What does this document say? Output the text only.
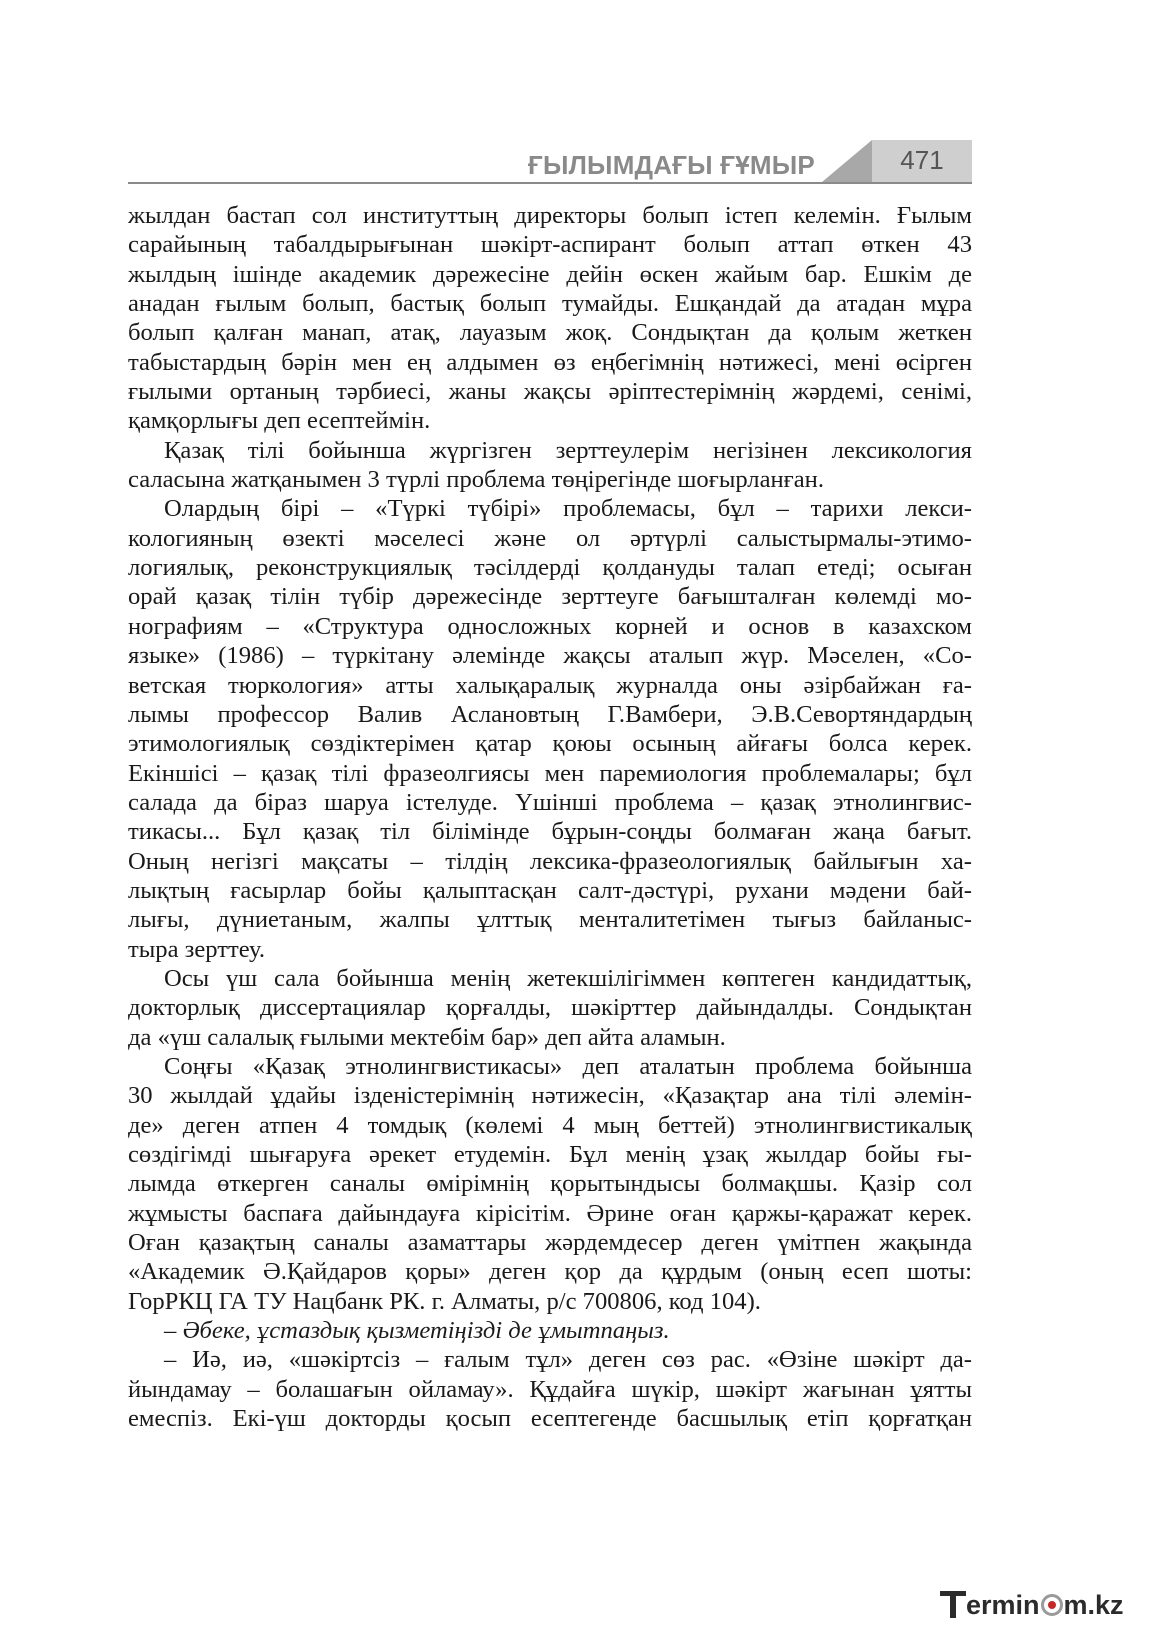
ҒЫЛЫМДАҒЫ ҒҰМЫР	471
жылдан бастап сол институттың директоры болып істеп келемін. Ғылым
сарайының табалдырығынан шәкірт-аспирант болып аттап өткен 43
жылдың ішінде академик дәрежесіне дейін өскен жайым бар. Ешкім де
анадан ғылым болып, бастық болып тумайды. Ешқандай да атадан мұра
болып қалған манап, атақ, лауазым жоқ. Сондықтан да қолым жеткен
табыстардың бәрін мен ең алдымен өз еңбегімнің нәтижесі, мені өсірген
ғылыми ортаның тәрбиесі, жаны жақсы әріптестерімнің жәрдемі, сенімі,
қамқорлығы деп есептеймін.
Қазақ тілі бойынша жүргізген зерттеулерім негізінен лексикология
саласына жатқанымен 3 түрлі проблема төңірегінде шоғырланған.
Олардың бірі – «Түркі түбірі» проблемасы, бұл – тарихи лекси-
кологияның өзекті мәселесі және ол әртүрлі салыстырмалы-этимо-
логиялық, реконструкциялық тәсілдерді қолдануды талап етеді; осыған
орай қазақ тілін түбір дәрежесінде зерттеуге бағышталған көлемді мо-
нографиям – «Структура односложных корней и основ в казахском
языке» (1986) – түркітану әлемінде жақсы аталып жүр. Мәселен, «Со-
ветская тюркология» атты халықаралық журналда оны әзірбайжан ға-
лымы профессор Валив Аслановтың Г.Вамбери, Э.В.Севортяндардың
этимологиялық сөздіктерімен қатар қоюы осының айғағы болса керек.
Екіншісі – қазақ тілі фразеолгиясы мен паремиология проблемалары; бұл
салада да біраз шаруа істелуде. Үшінші проблема – қазақ этнолингвис-
тикасы... Бұл қазақ тіл білімінде бұрын-соңды болмаған жаңа бағыт.
Оның негізгі мақсаты – тілдің лексика-фразеологиялық байлығын ха-
лықтың ғасырлар бойы қалыптасқан салт-дәстүрі, рухани мәдени бай-
лығы, дүниетаным, жалпы ұлттық менталитетімен тығыз байланыс-
тыра зерттеу.
Осы үш сала бойынша менің жетекшілігіммен көптеген кандидаттық,
докторлық диссертациялар қорғалды, шәкірттер дайындалды. Сондықтан
да «үш салалық ғылыми мектебім бар» деп айта аламын.
Соңғы «Қазақ этнолингвистикасы» деп аталатын проблема бойынша
30 жылдай ұдайы ізденістерімнің нәтижесін, «Қазақтар ана тілі әлемін-
де» деген атпен 4 томдық (көлемі 4 мың беттей) этнолингвистикалық
сөздігімді шығаруға әрекет етудемін. Бұл менің ұзақ жылдар бойы ғы-
лымда өткерген саналы өмірімнің қорытындысы болмақшы. Қазір сол
жұмысты баспаға дайындауға кірісітім. Әрине оған қаржы-қаражат керек.
Оған қазақтың саналы азаматтары жәрдемдесер деген үмітпен жақында
«Академик Ә.Қайдаров қоры» деген қор да құрдым (оның есеп шоты:
ГорРКЦ ГА ТУ Нацбанк РК. г. Алматы, р/с 700806, код 104).
– Әбеке, ұстаздық қызметіңізді де ұмытпаңыз.
– Иә, иә, «шәкіртсіз – ғалым тұл» деген сөз рас. «Өзіне шәкірт да-
йындамау – болашағын ойламау». Құдайға шүкір, шәкірт жағынан ұятты
емеспіз. Екі-үш докторды қосып есептегенде басшылық етіп қорғатқан
ermin m.kz
